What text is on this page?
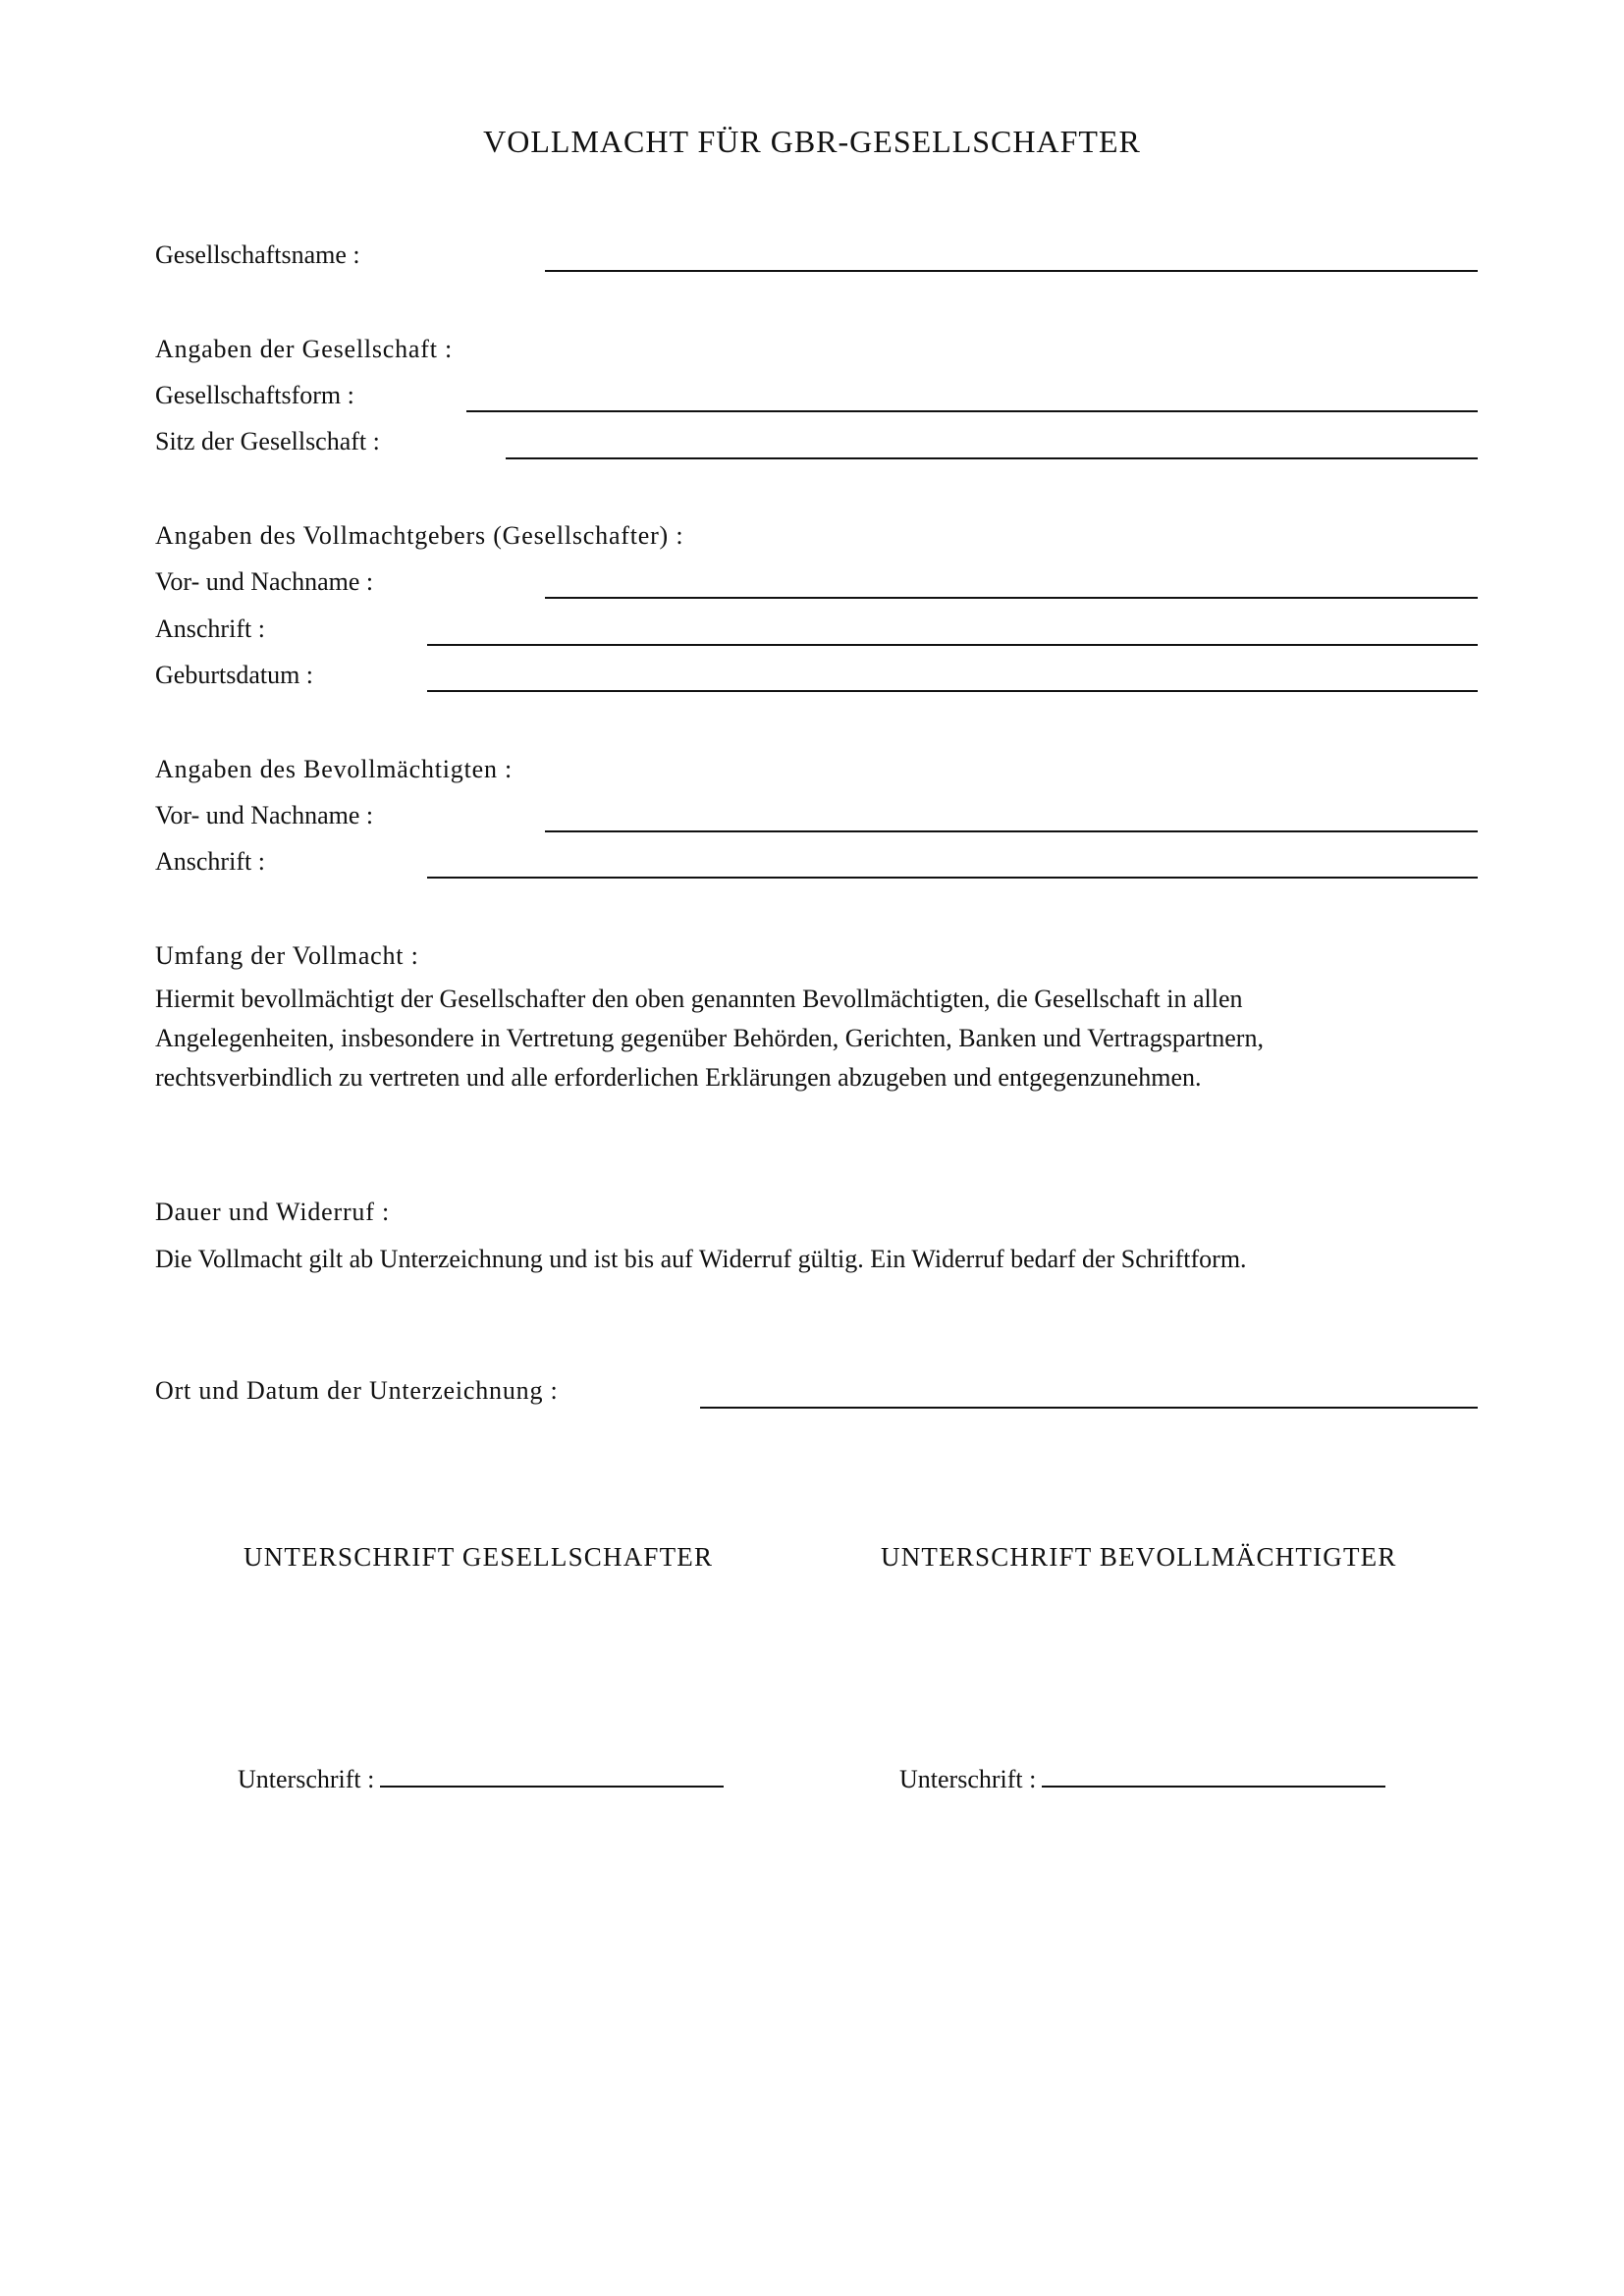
VOLLMACHT FÜR GBR-GESELLSCHAFTER
Gesellschaftsname :
Angaben der Gesellschaft :
Gesellschaftsform :
Sitz der Gesellschaft :
Angaben des Vollmachtgebers (Gesellschafter) :
Vor- und Nachname :
Anschrift :
Geburtsdatum :
Angaben des Bevollmächtigten :
Vor- und Nachname :
Anschrift :
Umfang der Vollmacht :
Hiermit bevollmächtigt der Gesellschafter den oben genannten Bevollmächtigten, die Gesellschaft in allen
Angelegenheiten, insbesondere in Vertretung gegenüber Behörden, Gerichten, Banken und Vertragspartnern,
rechtsverbindlich zu vertreten und alle erforderlichen Erklärungen abzugeben und entgegenzunehmen.
Dauer und Widerruf :
Die Vollmacht gilt ab Unterzeichnung und ist bis auf Widerruf gültig. Ein Widerruf bedarf der Schriftform.
Ort und Datum der Unterzeichnung :
UNTERSCHRIFT GESELLSCHAFTER	UNTERSCHRIFT BEVOLLMÄCHTIGTER
Unterschrift :	Unterschrift :
